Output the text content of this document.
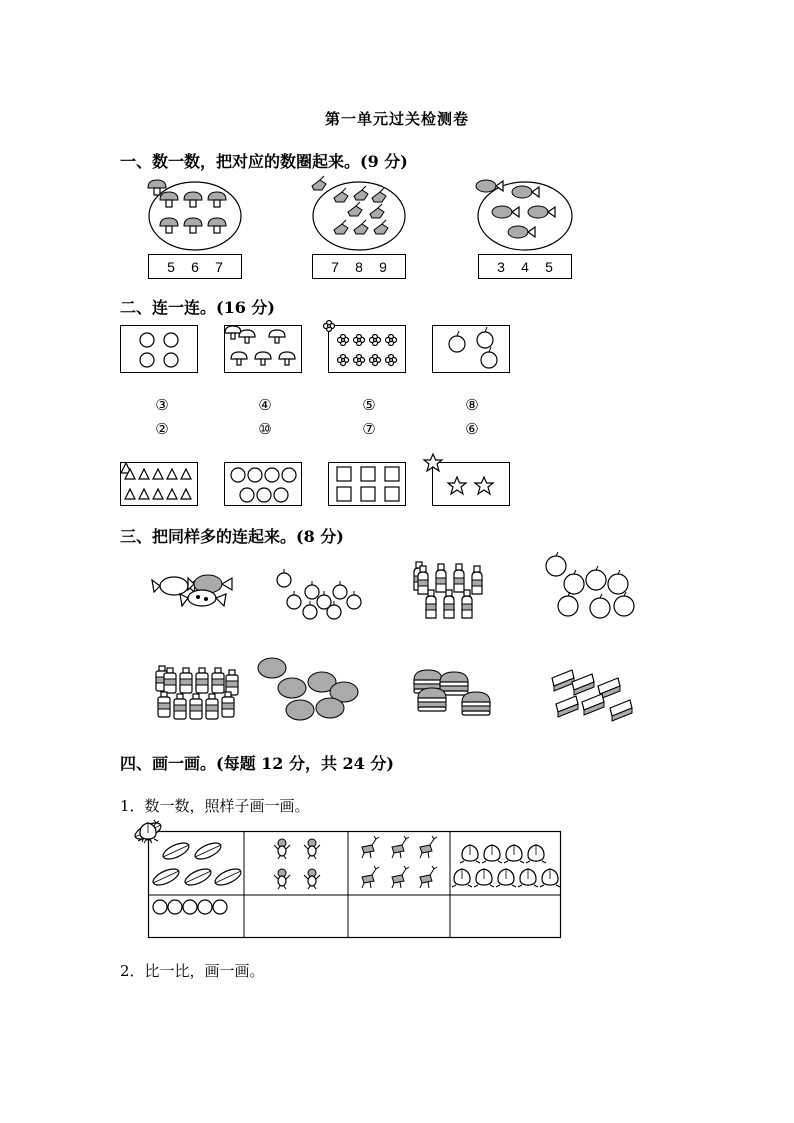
第一单元过关检测卷
一、数一数，把对应的数圈起来。(9 分)
5 6 7	7 8 9	3 4 5
二、连一连。(16 分)
③	④	⑤	⑧
②	⑩	⑦	⑥
三、把同样多的连起来。(8 分)
四、画一画。(每题 12 分，共 24 分)
1．数一数，照样子画一画。
2．比一比，画一画。
